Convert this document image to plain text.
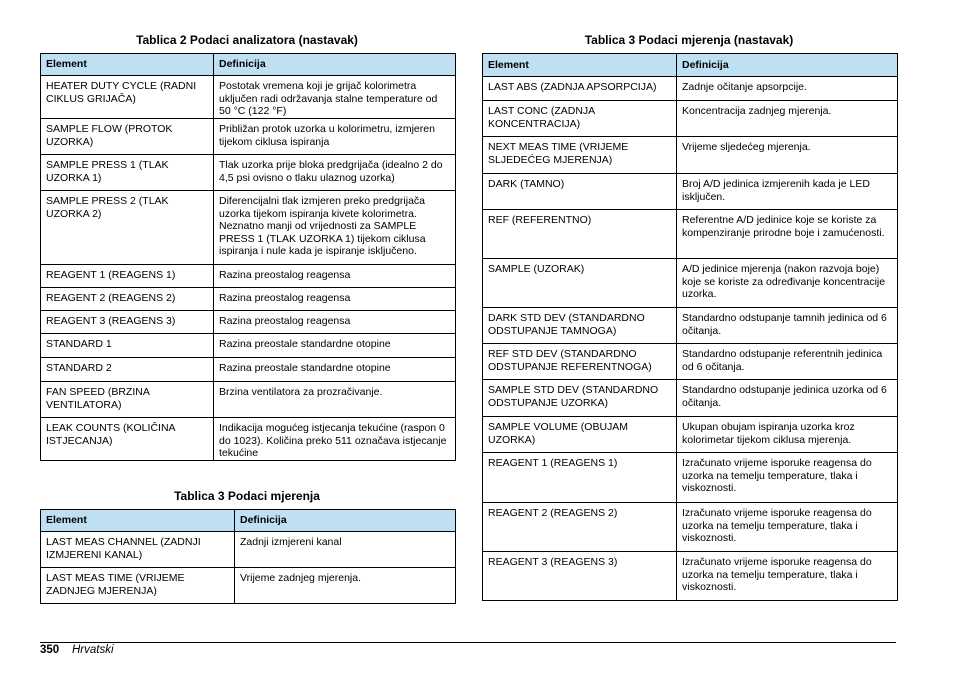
Tablica 2 Podaci analizatora (nastavak)
Element	Definicija
HEATER DUTY CYCLE (RADNI CIKLUS GRIJAČA)	Postotak vremena koji je grijač kolorimetra uključen radi održavanja stalne temperature od 50 °C (122 °F)
SAMPLE FLOW (PROTOK UZORKA)	Približan protok uzorka u kolorimetru, izmjeren tijekom ciklusa ispiranja
SAMPLE PRESS 1 (TLAK UZORKA 1)	Tlak uzorka prije bloka predgrijača (idealno 2 do 4,5 psi ovisno o tlaku ulaznog uzorka)
SAMPLE PRESS 2 (TLAK UZORKA 2)	Diferencijalni tlak izmjeren preko predgrijača uzorka tijekom ispiranja kivete kolorimetra. Neznatno manji od vrijednosti za SAMPLE PRESS 1 (TLAK UZORKA 1) tijekom ciklusa ispiranja i nule kada je ispiranje isključeno.
REAGENT 1 (REAGENS 1)	Razina preostalog reagensa
REAGENT 2 (REAGENS 2)	Razina preostalog reagensa
REAGENT 3 (REAGENS 3)	Razina preostalog reagensa
STANDARD 1	Razina preostale standardne otopine
STANDARD 2	Razina preostale standardne otopine
FAN SPEED (BRZINA VENTILATORA)	Brzina ventilatora za prozračivanje.
LEAK COUNTS (KOLIČINA ISTJECANJA)	Indikacija mogućeg istjecanja tekućine (raspon 0 do 1023). Količina preko 511 označava istjecanje tekućine
Tablica 3 Podaci mjerenja
Element	Definicija
LAST MEAS CHANNEL (ZADNJI IZMJERENI KANAL)	Zadnji izmjereni kanal
LAST MEAS TIME (VRIJEME ZADNJEG MJERENJA)	Vrijeme zadnjeg mjerenja.
Tablica 3 Podaci mjerenja (nastavak)
Element	Definicija
LAST ABS (ZADNJA APSORPCIJA)	Zadnje očitanje apsorpcije.
LAST CONC (ZADNJA KONCENTRACIJA)	Koncentracija zadnjeg mjerenja.
NEXT MEAS TIME (VRIJEME SLJEDEĆEG MJERENJA)	Vrijeme sljedećeg mjerenja.
DARK (TAMNO)	Broj A/D jedinica izmjerenih kada je LED isključen.
REF (REFERENTNO)	Referentne A/D jedinice koje se koriste za kompenziranje prirodne boje i zamućenosti.
SAMPLE (UZORAK)	A/D jedinice mjerenja (nakon razvoja boje) koje se koriste za određivanje koncentracije uzorka.
DARK STD DEV (STANDARDNO ODSTUPANJE TAMNOGA)	Standardno odstupanje tamnih jedinica od 6 očitanja.
REF STD DEV (STANDARDNO ODSTUPANJE REFERENTNOGA)	Standardno odstupanje referentnih jedinica od 6 očitanja.
SAMPLE STD DEV (STANDARDNO ODSTUPANJE UZORKA)	Standardno odstupanje jedinica uzorka od 6 očitanja.
SAMPLE VOLUME (OBUJAM UZORKA)	Ukupan obujam ispiranja uzorka kroz kolorimetar tijekom ciklusa mjerenja.
REAGENT 1 (REAGENS 1)	Izračunato vrijeme isporuke reagensa do uzorka na temelju temperature, tlaka i viskoznosti.
REAGENT 2 (REAGENS 2)	Izračunato vrijeme isporuke reagensa do uzorka na temelju temperature, tlaka i viskoznosti.
REAGENT 3 (REAGENS 3)	Izračunato vrijeme isporuke reagensa do uzorka na temelju temperature, tlaka i viskoznosti.
350 Hrvatski
